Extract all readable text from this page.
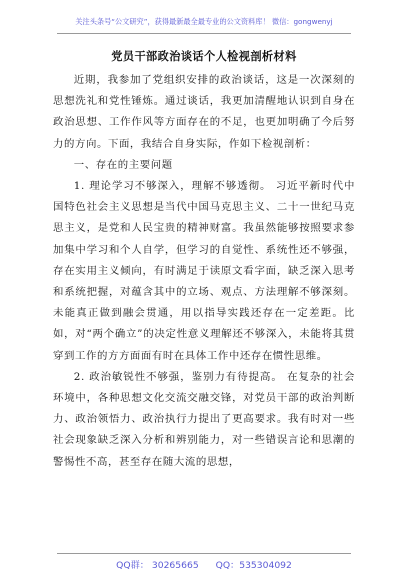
关注头条号“公文研究”，获得最新最全最专业的公文资料库！ 微信：gongwenyj
党员干部政治谈话个人检视剖析材料

近期，我参加了党组织安排的政治谈话，这是一次深刻的思想洗礼和党性锤炼。通过谈话，我更加清醒地认识到自身在政治思想、工作作风等方面存在的不足，也更加明确了今后努力的方向。下面，我结合自身实际，作如下检视剖析：

一、存在的主要问题

1. 理论学习不够深入，理解不够透彻。 习近平新时代中国特色社会主义思想是当代中国马克思主义、二十一世纪马克思主义，是党和人民宝贵的精神财富。我虽然能够按照要求参加集中学习和个人自学，但学习的自觉性、系统性还不够强，存在实用主义倾向，有时满足于读原文看字面，缺乏深入思考和系统把握，对蕴含其中的立场、观点、方法理解不够深刻。未能真正做到融会贯通，用以指导实践还存在一定差距。比如，对“两个确立”的决定性意义理解还不够深入，未能将其贯穿到工作的方方面面有时在具体工作中还存在惯性思维。

2. 政治敏锐性不够强，鉴别力有待提高。 在复杂的社会环境中，各种思想文化交流交融交锋，对党员干部的政治判断力、政治领悟力、政治执行力提出了更高要求。我有时对一些社会现象缺乏深入分析和辨别能力，对一些错误言论和思潮的警惕性不高，甚至存在随大流的思想，

QQ群： 30265665 QQ：535304092
